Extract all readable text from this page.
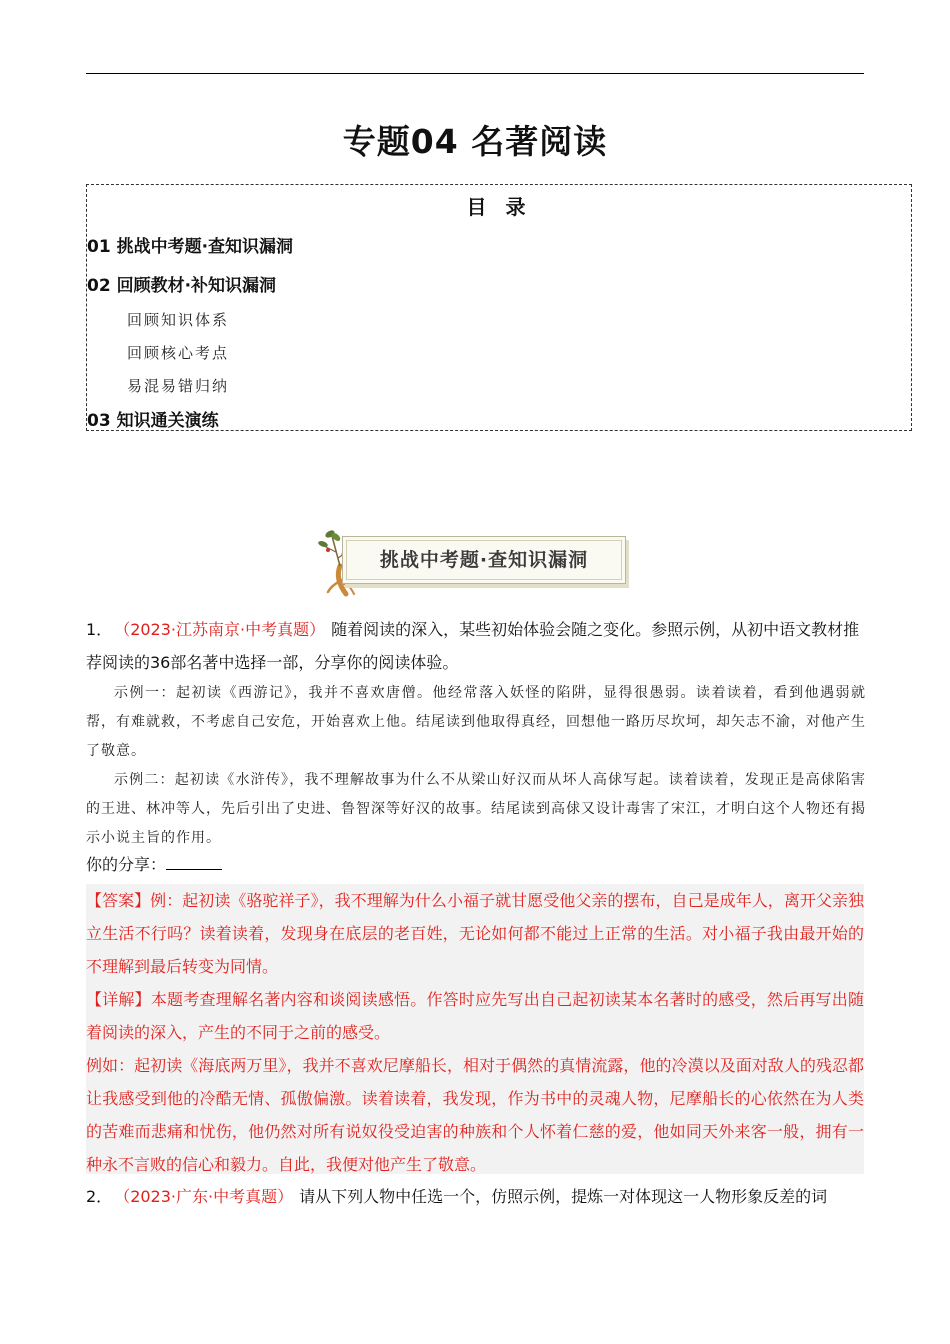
专题04 名著阅读
目 录
01 挑战中考题·查知识漏洞
02 回顾教材·补知识漏洞
回顾知识体系
回顾核心考点
易混易错归纳
03 知识通关演练
挑战中考题·查知识漏洞
1． （2023·江苏南京·中考真题） 随着阅读的深入，某些初始体验会随之变化。参照示例，从初中语文教材推荐阅读的36部名著中选择一部，分享你的阅读体验。
示例一：起初读《西游记》，我并不喜欢唐僧。他经常落入妖怪的陷阱，显得很愚弱。读着读着，看到他遇弱就帮，有难就救，不考虑自己安危，开始喜欢上他。结尾读到他取得真经，回想他一路历尽坎坷，却矢志不渝，对他产生了敬意。
示例二：起初读《水浒传》，我不理解故事为什么不从梁山好汉而从坏人高俅写起。读着读着，发现正是高俅陷害的王进、林冲等人，先后引出了史进、鲁智深等好汉的故事。结尾读到高俅又设计毒害了宋江，才明白这个人物还有揭示小说主旨的作用。
你的分享：

【答案】例：起初读《骆驼祥子》，我不理解为什么小福子就甘愿受他父亲的摆布，自己是成年人，离开父亲独立生活不行吗？读着读着，发现身在底层的老百姓，无论如何都不能过上正常的生活。对小福子我由最开始的不理解到最后转变为同情。

【详解】本题考查理解名著内容和谈阅读感悟。作答时应先写出自己起初读某本名著时的感受，然后再写出随着阅读的深入，产生的不同于之前的感受。

例如：起初读《海底两万里》，我并不喜欢尼摩船长，相对于偶然的真情流露，他的冷漠以及面对敌人的残忍都让我感受到他的冷酷无情、孤傲偏激。读着读着，我发现，作为书中的灵魂人物，尼摩船长的心依然在为人类 的苦难而悲痛和忧伤，他仍然对所有说奴役受迫害的种族和个人怀着仁慈的爱，他如同天外来客一般，拥有一种永不言败的信心和毅力。自此，我便对他产生了敬意。

2． （2023·广东·中考真题） 请从下列人物中任选一个，仿照示例，提炼一对体现这一人物形象反差的词
